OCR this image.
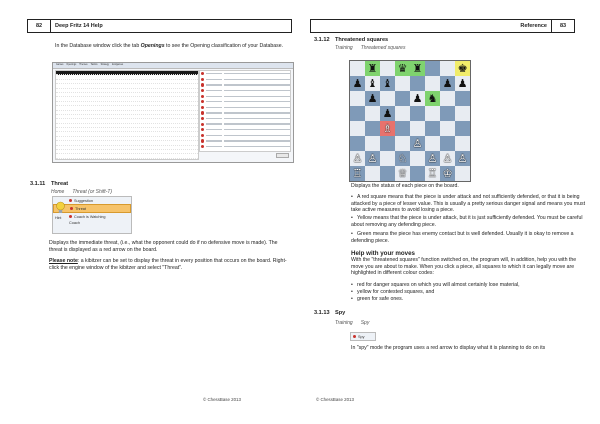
82	Deep Fritz 14 Help

In the Database window click the tab Openings to see the Opening classification of your Database.

Games	Openings	Themes	Tactics	Strategy	Endgames
3.1.11 Threat
Home Threat (or Shift-T)
Hint
Suggestion
Threat
Coach is Watching
Coach

Displays the immediate threat, (i.e., what the opponent could do if no defensive move is made). The threat is displayed as a red arrow on the board.

Please note: a kibitzer can be set to display the threat in every position that occurs on the board. Right-click the engine window of the kibitzer and select "Threat".

© ChessBase 2013
Reference	83
3.1.12 Threatened squares
Training Threatened squares

Displays the status of each piece on the board.

• A red square means that the piece is under attack and not sufficiently defended, or that it is being attacked by a piece of lesser value. This is usually a pretty serious danger signal and means you must take active measures to avoid losing a piece.
• Yellow means that the piece is under attack, but it is just sufficiently defended. You must be careful about removing any defending piece.
• Green means the piece has enemy contact but is well defended. Usually it is okay to remove a defending piece.
Help with your moves

With the "threatened squares" function switched on, the program will, in addition, help you with the move you are about to make. When you click a piece, all squares to which it can legally move are highlighted in different colour codes:

• red for danger squares on which you will almost certainly lose material,
• yellow for contested squares, and
• green for safe ones.
3.1.13 Spy
Training Spy
Spy

In "spy" mode the program uses a red arrow to display what it is planning to do on its

© ChessBase 2013
♜ ♛ ♜	♚
♟ ♝ ♝	♟ ♟
♟	♟ ♞
♟
♗
♙
♙ ♙ ♘ ♙ ♙ ♙
♖	♕ ♖ ♔
